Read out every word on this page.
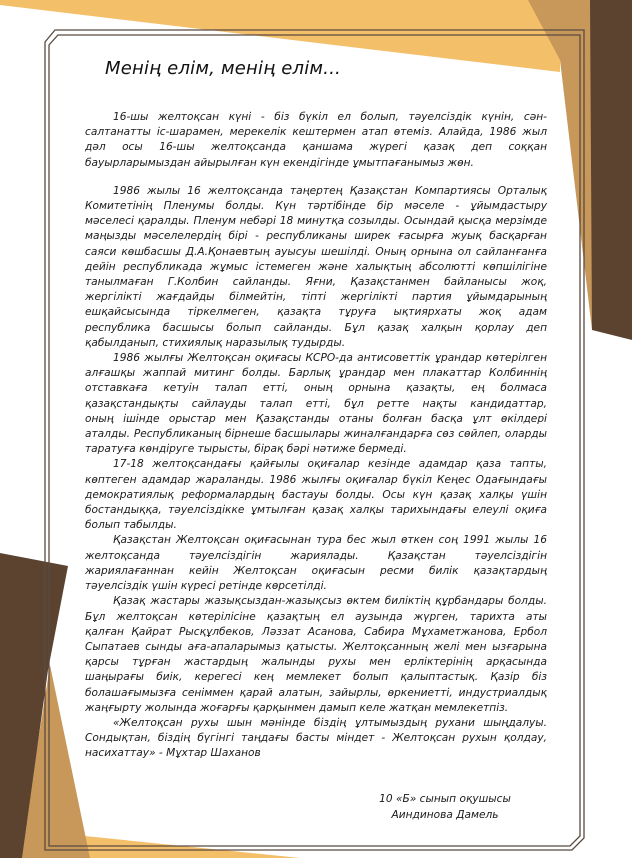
Менің елім, менің елім...
16-шы желтоқсан күні - біз бүкіл ел болып, тәуелсіздік күнін, сән-
салтанатты іс-шарамен, мерекелік кештермен атап өтеміз. Алайда, 1986 жыл
дәл осы 16-шы желтоқсанда қаншама жүрегі қазақ деп соққан
бауырларымыздан айырылған күн екендігінде ұмытпағанымыз жөн.
1986 жылы 16 желтоқсанда таңертең Қазақстан Компартиясы Орталық
Комитетінің Пленумы болды. Күн тәртібінде бір мәселе - ұйымдастыру
мәселесі қаралды. Пленум небәрі 18 минутқа созылды. Осындай қысқа мерзімде
маңызды мәселелердің бірі - республиканы ширек ғасырға жуық басқарған
саяси көшбасшы Д.А.Қонаевтың ауысуы шешілді. Оның орнына ол сайланғанға
дейін республикада жұмыс істемеген және халықтың абсолютті көпшілігіне
танылмаған Г.Колбин сайланды. Яғни, Қазақстанмен байланысы жоқ,
жергілікті жағдайды білмейтін, тіпті жергілікті партия ұйымдарының
ешқайсысында тіркелмеген, қазақта тұруға ықтиярхаты жоқ адам
республика басшысы болып сайланды. Бұл қазақ халқын қорлау деп
қабылданып, стихиялық наразылық тудырды.
1986 жылғы Желтоқсан оқиғасы КСРО-да антисоветтік ұрандар көтерілген
алғашқы жаппай митинг болды. Барлық ұрандар мен плакаттар Колбиннің
отставкаға кетуін талап етті, оның орнына қазақты, ең болмаса
қазақстандықты сайлауды талап етті, бұл ретте нақты кандидаттар,
оның ішінде орыстар мен Қазақстанды отаны болған басқа ұлт өкілдері
аталды. Республиканың бірнеше басшылары жиналғандарға сөз сөйлеп, оларды
таратуға көндіруге тырысты, бірақ бәрі нәтиже бермеді.
17-18 желтоқсандағы қайғылы оқиғалар кезінде адамдар қаза тапты,
көптеген адамдар жараланды. 1986 жылғы оқиғалар бүкіл Кеңес Одағындағы
демократиялық реформалардың бастауы болды. Осы күн қазақ халқы үшін
бостандыққа, тәуелсіздікке ұмтылған қазақ халқы тарихындағы елеулі оқиға
болып табылды.
Қазақстан Желтоқсан оқиғасынан тура бес жыл өткен соң 1991 жылы 16
желтоқсанда тәуелсіздігін жариялады. Қазақстан тәуелсіздігін
жариялағаннан кейін Желтоқсан оқиғасын ресми билік қазақтардың
тәуелсіздік үшін күресі ретінде көрсетілді.
Қазақ жастары жазықсыздан-жазықсыз өктем биліктің құрбандары болды.
Бұл желтоқсан көтерілісіне қазақтың ел аузында жүрген, тарихта аты
қалған Қайрат Рысқұлбеков, Ләззат Асанова, Сабира Мұхаметжанова, Ербол
Сыпатаев сынды аға-апаларымыз қатысты. Желтоқсанның желі мен ызғарына
қарсы тұрған жастардың жалынды рухы мен ерліктерінің арқасында
шаңырағы биік, керегесі кең мемлекет болып қалыптастық. Қазір біз
болашағымызға сеніммен қарай алатын, зайырлы, өркениетті, индустриалдық
жаңғырту жолында жоғарғы қарқынмен дамып келе жатқан мемлекетпіз.
«Желтоқсан рухы шын мәнінде біздің ұлтымыздың рухани шыңдалуы.
Сондықтан, біздің бүгінгі таңдағы басты міндет - Желтоқсан рухын қолдау,
насихаттау» - Мұхтар Шаханов
10 «Б» сынып оқушысы
Аиндинова Дамель
